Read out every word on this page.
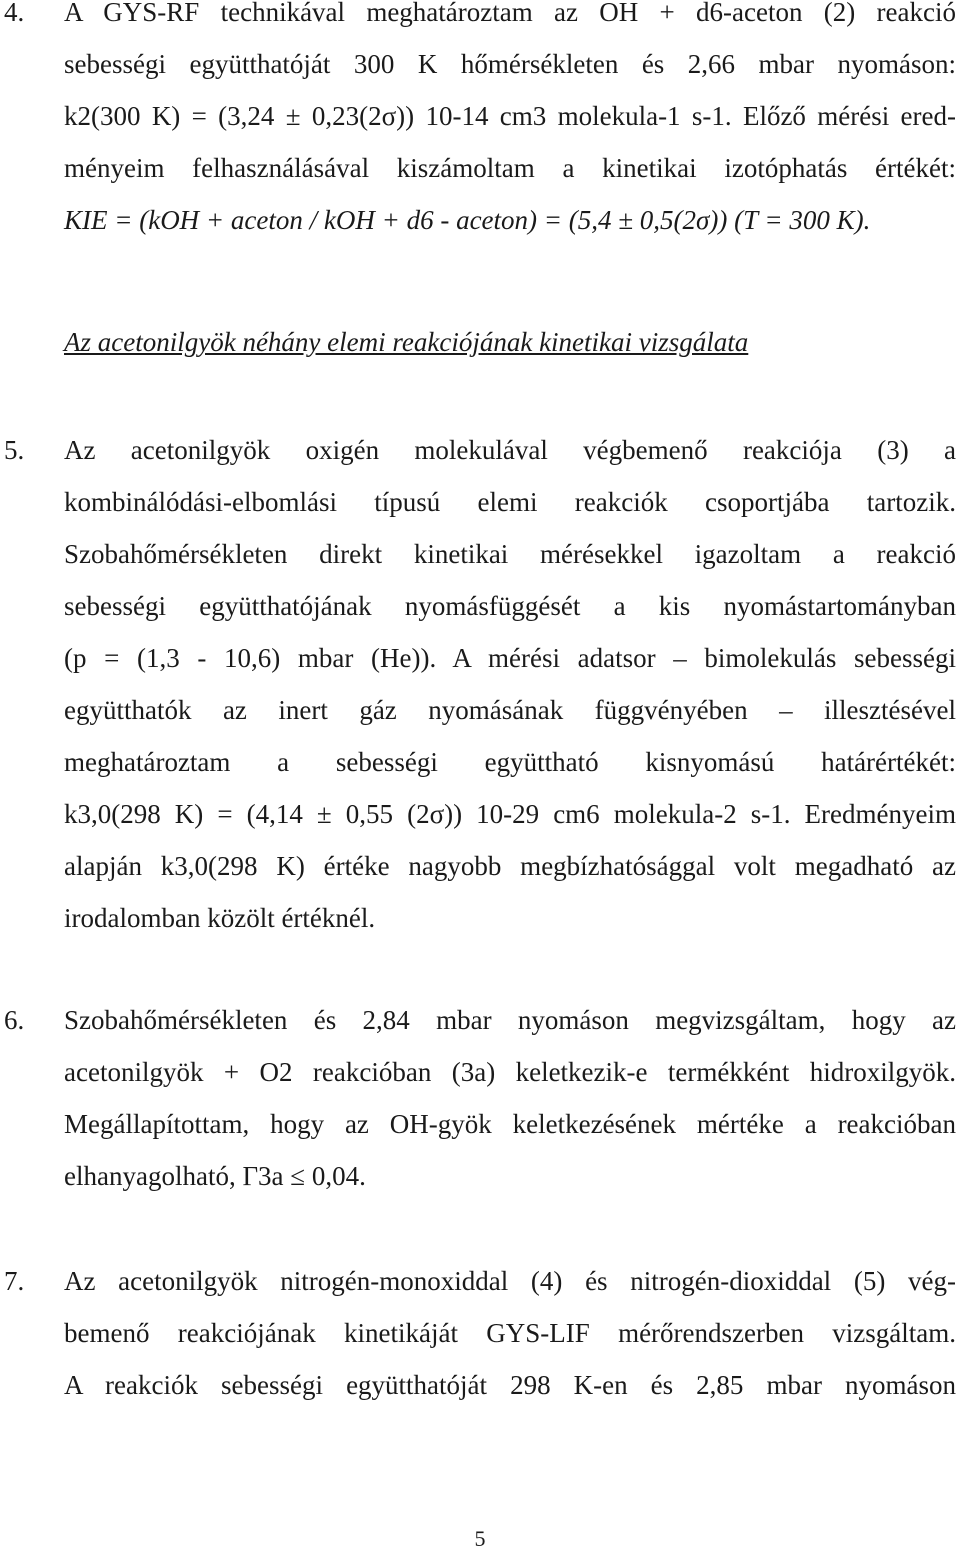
4. A GYS-RF technikával meghatároztam az OH + d6-aceton (2) reakció
sebességi együtthatóját 300 K hőmérsékleten és 2,66 mbar nyomáson:
k2(300 K) = (3,24 ± 0,23(2σ)) 10-14 cm3 molekula-1 s-1. Előző mérési ered-
ményeim felhasználásával kiszámoltam a kinetikai izotóphatás értékét:
KIE = (kOH + aceton / kOH + d6 - aceton) = (5,4 ± 0,5(2σ)) (T = 300 K).
Az acetonilgyök néhány elemi reakciójának kinetikai vizsgálata
5. Az acetonilgyök oxigén molekulával végbemenő reakciója (3) a
kombinálódási-elbomlási típusú elemi reakciók csoportjába tartozik.
Szobahőmérsékleten direkt kinetikai mérésekkel igazoltam a reakció
sebességi együtthatójának nyomásfüggését a kis nyomástartományban
(p = (1,3 - 10,6) mbar (He)). A mérési adatsor – bimolekulás sebességi
együtthatók az inert gáz nyomásának függvényében – illesztésével
meghatároztam a sebességi együttható kisnyomású határértékét:
k3,0(298 K) = (4,14 ± 0,55 (2σ)) 10-29 cm6 molekula-2 s-1. Eredményeim
alapján k3,0(298 K) értéke nagyobb megbízhatósággal volt megadható az
irodalomban közölt értéknél.
6. Szobahőmérsékleten és 2,84 mbar nyomáson megvizsgáltam, hogy az
acetonilgyök + O2 reakcióban (3a) keletkezik-e termékként hidroxilgyök.
Megállapítottam, hogy az OH-gyök keletkezésének mértéke a reakcióban
elhanyagolható, Γ3a ≤ 0,04.
7. Az acetonilgyök nitrogén-monoxiddal (4) és nitrogén-dioxiddal (5) vég-
bemenő reakciójának kinetikáját GYS-LIF mérőrendszerben vizsgáltam.
A reakciók sebességi együtthatóját 298 K-en és 2,85 mbar nyomáson
5
